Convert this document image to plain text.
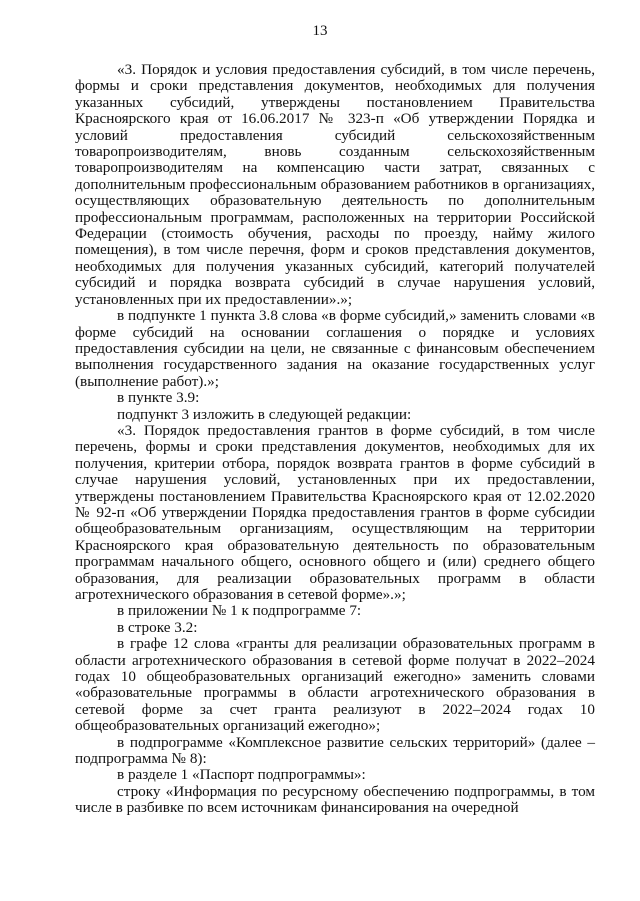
13

«3. Порядок и условия предоставления субсидий, в том числе перечень, формы и сроки представления документов, необходимых для получения указанных субсидий, утверждены постановлением Правительства Красноярского края от 16.06.2017 № 323-п «Об утверждении Порядка и условий предоставления субсидий сельскохозяйственным товаропроизводителям, вновь созданным сельскохозяйственным товаропроизводителям на компенсацию части затрат, связанных с дополнительным профессиональным образованием работников в организациях, осуществляющих образовательную деятельность по дополнительным профессиональным программам, расположенных на территории Российской Федерации (стоимость обучения, расходы по проезду, найму жилого помещения), в том числе перечня, форм и сроков представления документов, необходимых для получения указанных субсидий, категорий получателей субсидий и порядка возврата субсидий в случае нарушения условий, установленных при их предоставлении».»;

в подпункте 1 пункта 3.8 слова «в форме субсидий,» заменить словами «в форме субсидий на основании соглашения о порядке и условиях предоставления субсидии на цели, не связанные с финансовым обеспечением выполнения государственного задания на оказание государственных услуг (выполнение работ).»;

в пункте 3.9:

подпункт 3 изложить в следующей редакции:

«3. Порядок предоставления грантов в форме субсидий, в том числе перечень, формы и сроки представления документов, необходимых для их получения, критерии отбора, порядок возврата грантов в форме субсидий в случае нарушения условий, установленных при их предоставлении, утверждены постановлением Правительства Красноярского края от 12.02.2020 № 92-п «Об утверждении Порядка предоставления грантов в форме субсидии общеобразовательным организациям, осуществляющим на территории Красноярского края образовательную деятельность по образовательным программам начального общего, основного общего и (или) среднего общего образования, для реализации образовательных программ в области агротехнического образования в сетевой форме».»;

в приложении № 1 к подпрограмме 7:

в строке 3.2:

в графе 12 слова «гранты для реализации образовательных программ в области агротехнического образования в сетевой форме получат в 2022–2024 годах 10 общеобразовательных организаций ежегодно» заменить словами «образовательные программы в области агротехнического образования в сетевой форме за счет гранта реализуют в 2022–2024 годах 10 общеобразовательных организаций ежегодно»;

в подпрограмме «Комплексное развитие сельских территорий» (далее – подпрограмма № 8):

в разделе 1 «Паспорт подпрограммы»:

строку «Информация по ресурсному обеспечению подпрограммы, в том числе в разбивке по всем источникам финансирования на очередной
